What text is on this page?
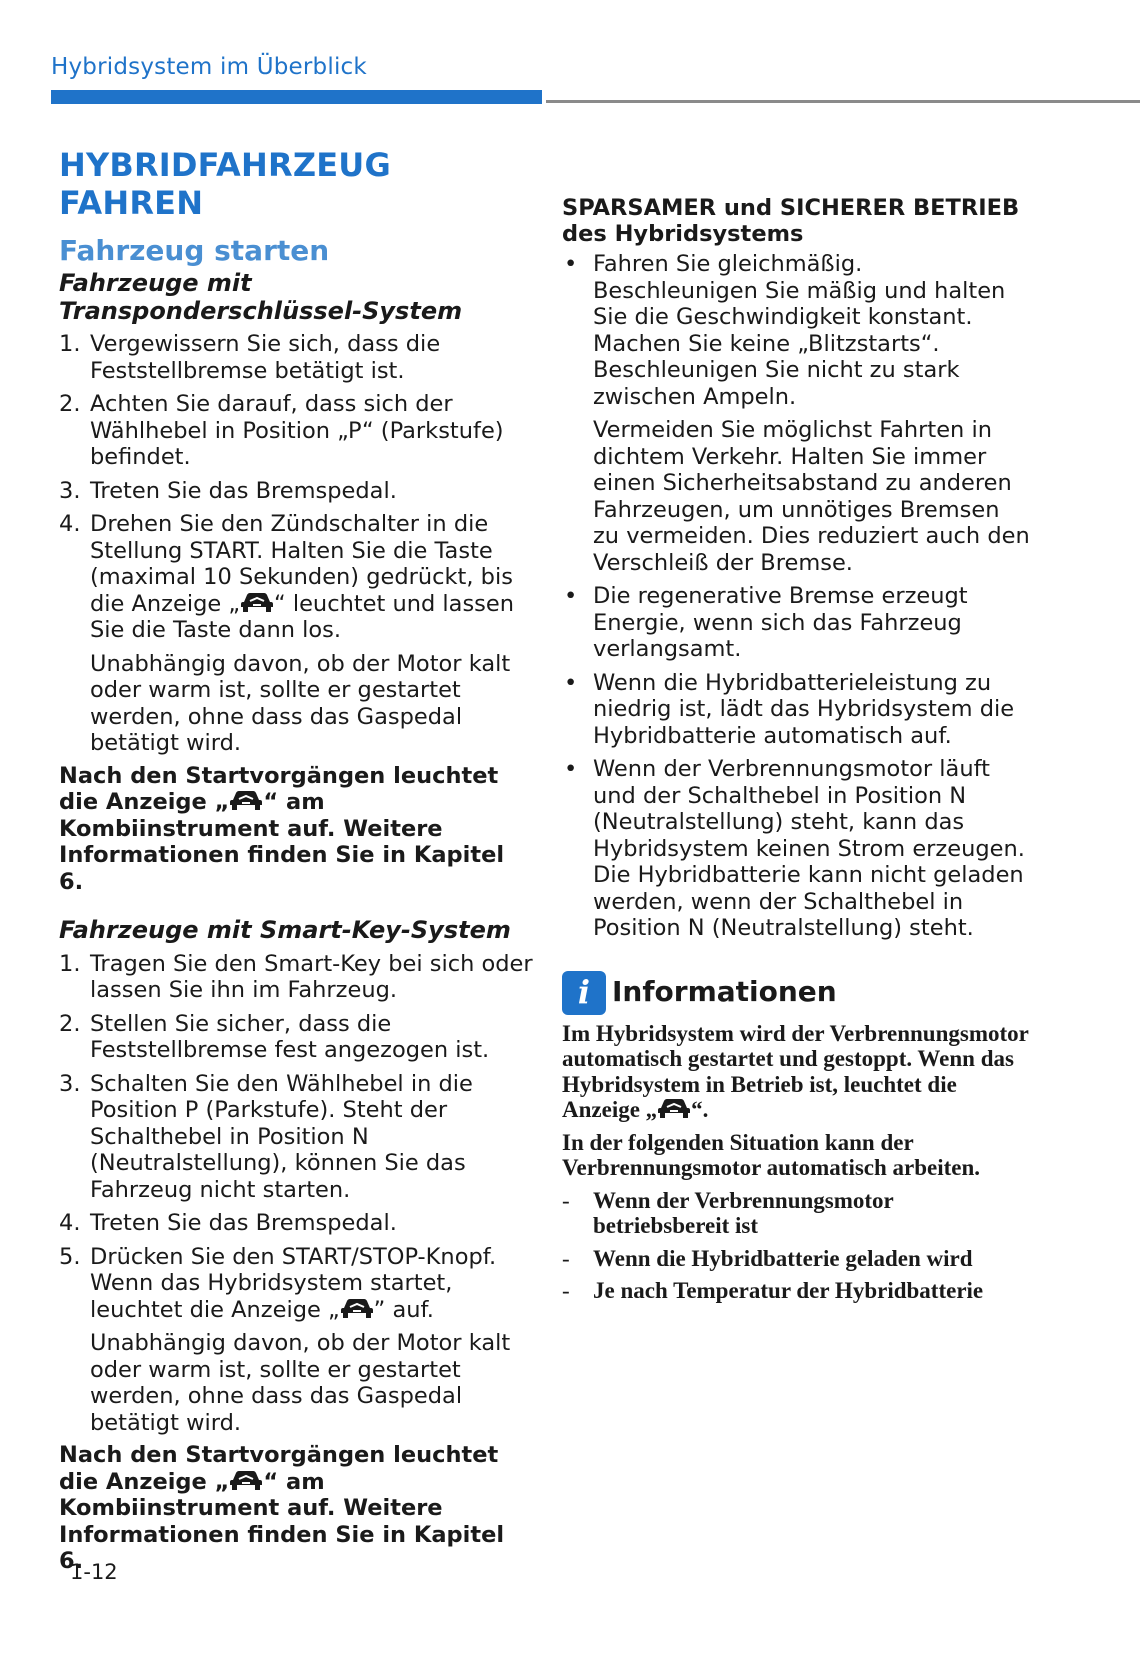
Hybridsystem im Überblick
HYBRIDFAHRZEUG FAHREN
Fahrzeug starten
Fahrzeuge mit Transponderschlüssel-System
1. Vergewissern Sie sich, dass die Feststellbremse betätigt ist.
2. Achten Sie darauf, dass sich der Wählhebel in Position „P“ (Parkstufe) befindet.
3. Treten Sie das Bremspedal.
4. Drehen Sie den Zündschalter in die Stellung START. Halten Sie die Taste (maximal 10 Sekunden) gedrückt, bis die Anzeige „ “ leuchtet und lassen Sie die Taste dann los.

Unabhängig davon, ob der Motor kalt oder warm ist, sollte er gestartet werden, ohne dass das Gaspedal betätigt wird.

Nach den Startvorgängen leuchtet die Anzeige „ “ am Kombiinstrument auf. Weitere Informationen finden Sie in Kapitel 6.

Fahrzeuge mit Smart-Key-System
1. Tragen Sie den Smart-Key bei sich oder lassen Sie ihn im Fahrzeug.
2. Stellen Sie sicher, dass die Feststellbremse fest angezogen ist.
3. Schalten Sie den Wählhebel in die Position P (Parkstufe). Steht der Schalthebel in Position N (Neutralstellung), können Sie das Fahrzeug nicht starten.
4. Treten Sie das Bremspedal.
5. Drücken Sie den START/STOP-Knopf. Wenn das Hybridsystem startet, leuchtet die Anzeige „ ” auf.

Unabhängig davon, ob der Motor kalt oder warm ist, sollte er gestartet werden, ohne dass das Gaspedal betätigt wird.

Nach den Startvorgängen leuchtet die Anzeige „ “ am Kombiinstrument auf. Weitere Informationen finden Sie in Kapitel 6.

SPARSAMER und SICHERER BETRIEB des Hybridsystems
• Fahren Sie gleichmäßig. Beschleunigen Sie mäßig und halten Sie die Geschwindigkeit konstant. Machen Sie keine „Blitzstarts“. Beschleunigen Sie nicht zu stark zwischen Ampeln.
Vermeiden Sie möglichst Fahrten in dichtem Verkehr. Halten Sie immer einen Sicherheitsabstand zu anderen Fahrzeugen, um unnötiges Bremsen zu vermeiden. Dies reduziert auch den Verschleiß der Bremse.
• Die regenerative Bremse erzeugt Energie, wenn sich das Fahrzeug verlangsamt.
• Wenn die Hybridbatterieleistung zu niedrig ist, lädt das Hybridsystem die Hybridbatterie automatisch auf.
• Wenn der Verbrennungsmotor läuft und der Schalthebel in Position N (Neutralstellung) steht, kann das Hybridsystem keinen Strom erzeugen. Die Hybridbatterie kann nicht geladen werden, wenn der Schalthebel in Position N (Neutralstellung) steht.
i Informationen

Im Hybridsystem wird der Verbrennungsmotor automatisch gestartet und gestoppt. Wenn das Hybridsystem in Betrieb ist, leuchtet die Anzeige „ “.

In der folgenden Situation kann der Verbrennungsmotor automatisch arbeiten.

- Wenn der Verbrennungsmotor betriebsbereit ist
- Wenn die Hybridbatterie geladen wird
- Je nach Temperatur der Hybridbatterie
1-12
